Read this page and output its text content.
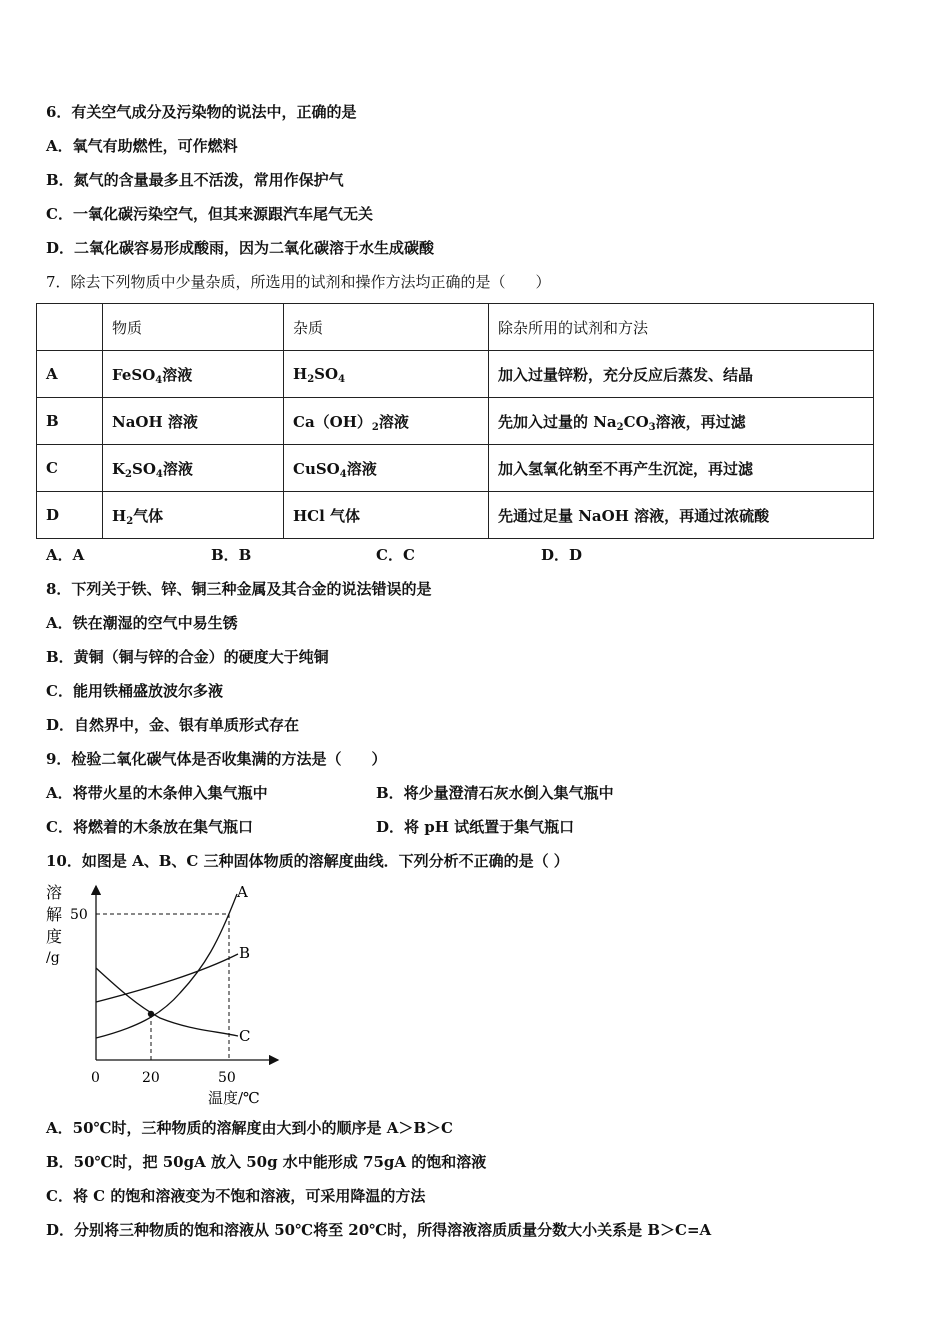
6．有关空气成分及污染物的说法中，正确的是
A．氧气有助燃性，可作燃料
B．氮气的含量最多且不活泼，常用作保护气
C．一氧化碳污染空气，但其来源跟汽车尾气无关
D．二氧化碳容易形成酸雨，因为二氧化碳溶于水生成碳酸
7．除去下列物质中少量杂质，所选用的试剂和操作方法均正确的是（　　）
	物质	杂质	除杂所用的试剂和方法
A	FeSO$_4$溶液	$H_2SO_4$	加入过量锌粉，充分反应后蒸发、结晶
B	NaOH 溶液	$Ca(OH)_2$溶液	先加入过量的 $Na_2CO_3$溶液，再过滤
C	$K_2SO_4$溶液	CuSO$_4$溶液	加入氢氧化钠至不再产生沉淀，再过滤
D	$H_2$气体	HCl 气体	先通过足量 NaOH 溶液，再通过浓硫酸
A．A	B．B	C．C	D．D
8．下列关于铁、锌、铜三种金属及其合金的说法错误的是
A．铁在潮湿的空气中易生锈
B．黄铜（铜与锌的合金）的硬度大于纯铜
C．能用铁桶盛放波尔多液
D．自然界中，金、银有单质形式存在
9．检验二氧化碳气体是否收集满的方法是（　　）
A．将带火星的木条伸入集气瓶中	B．将少量澄清石灰水倒入集气瓶中
C．将燃着的木条放在集气瓶口	D．将 pH 试纸置于集气瓶口
10．如图是 A、B、C 三种固体物质的溶解度曲线．下列分析不正确的是（ ）
溶
解
度
/g
50
0	20	50
温度/℃
A
B
C
A．50℃时，三种物质的溶解度由大到小的顺序是 A＞B＞C
B．50℃时，把 50gA 放入 50g 水中能形成 75gA 的饱和溶液
C．将 C 的饱和溶液变为不饱和溶液，可采用降温的方法
D．分别将三种物质的饱和溶液从 50℃将至 20℃时，所得溶液溶质质量分数大小关系是 B＞C=A
